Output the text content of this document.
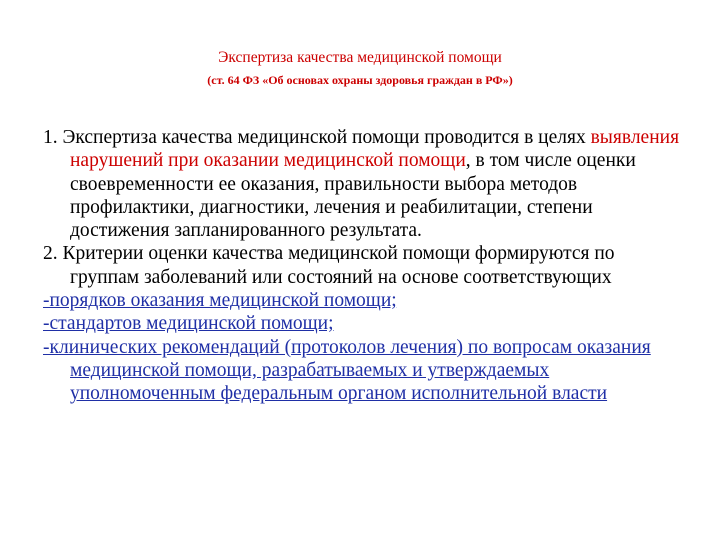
Экспертиза качества медицинской помощи
(ст. 64 ФЗ «Об основах охраны здоровья граждан в РФ»)

1. Экспертиза качества медицинской помощи проводится в целях выявления нарушений при оказании медицинской помощи, в том числе оценки своевременности ее оказания, правильности выбора методов профилактики, диагностики, лечения и реабилитации, степени достижения запланированного результата.

2. Критерии оценки качества медицинской помощи формируются по группам заболеваний или состояний на основе соответствующих

-порядков оказания медицинской помощи;

-стандартов медицинской помощи;

-клинических рекомендаций (протоколов лечения) по вопросам оказания медицинской помощи, разрабатываемых и утверждаемых уполномоченным федеральным органом исполнительной власти
